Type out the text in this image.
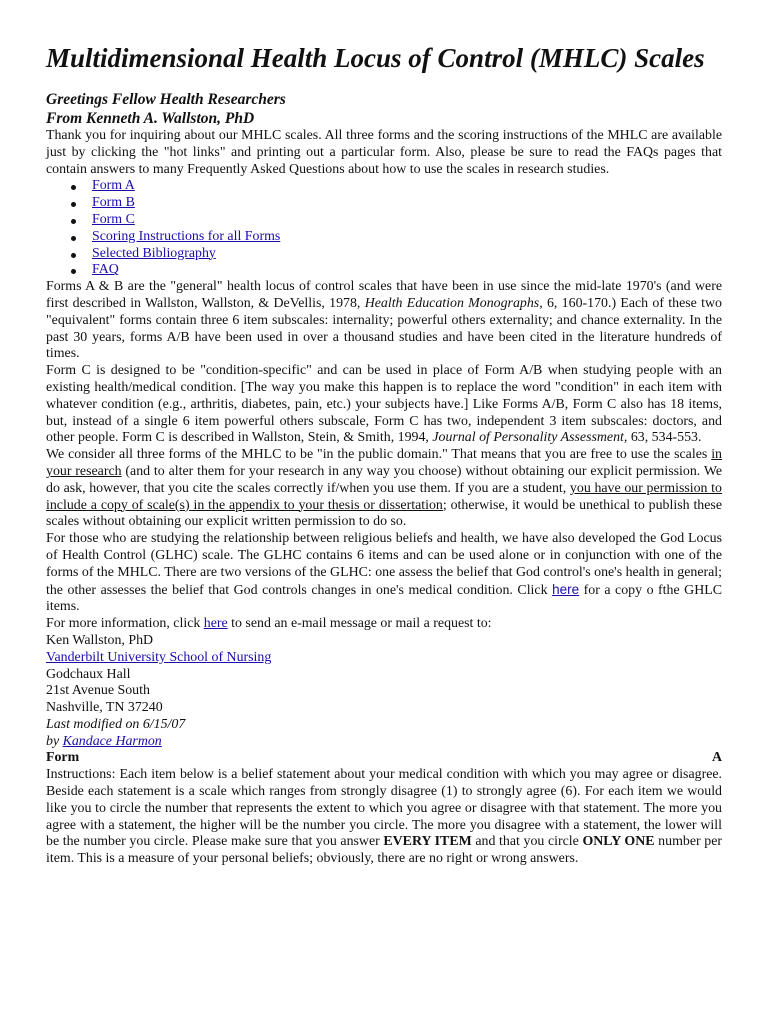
Multidimensional Health Locus of Control (MHLC) Scales
Greetings Fellow Health Researchers
From Kenneth A. Wallston, PhD

Thank you for inquiring about our MHLC scales. All three forms and the scoring instructions of the MHLC are available just by clicking the "hot links" and printing out a particular form. Also, please be sure to read the FAQs pages that contain answers to many Frequently Asked Questions about how to use the scales in research studies.

Form A
Form B
Form C
Scoring Instructions for all Forms
Selected Bibliography
FAQ

Forms A & B are the "general" health locus of control scales that have been in use since the mid-late 1970's (and were first described in Wallston, Wallston, & DeVellis, 1978, Health Education Monographs, 6, 160-170.) Each of these two "equivalent" forms contain three 6 item subscales: internality; powerful others externality; and chance externality. In the past 30 years, forms A/B have been used in over a thousand studies and have been cited in the literature hundreds of times.

Form C is designed to be "condition-specific" and can be used in place of Form A/B when studying people with an existing health/medical condition. [The way you make this happen is to replace the word "condition" in each item with whatever condition (e.g., arthritis, diabetes, pain, etc.) your subjects have.] Like Forms A/B, Form C also has 18 items, but, instead of a single 6 item powerful others subscale, Form C has two, independent 3 item subscales: doctors, and other people. Form C is described in Wallston, Stein, & Smith, 1994, Journal of Personality Assessment, 63, 534-553.

We consider all three forms of the MHLC to be "in the public domain." That means that you are free to use the scales in your research (and to alter them for your research in any way you choose) without obtaining our explicit permission. We do ask, however, that you cite the scales correctly if/when you use them. If you are a student, you have our permission to include a copy of scale(s) in the appendix to your thesis or dissertation; otherwise, it would be unethical to publish these scales without obtaining our explicit written permission to do so.

For those who are studying the relationship between religious beliefs and health, we have also developed the God Locus of Health Control (GLHC) scale. The GLHC contains 6 items and can be used alone or in conjunction with one of the forms of the MHLC. There are two versions of the GLHC: one assess the belief that God control's one's health in general; the other assesses the belief that God controls changes in one's medical condition. Click here for a copy o fthe GHLC items.

For more information, click here to send an e-mail message or mail a request to:

Ken Wallston, PhD
Vanderbilt University School of Nursing
Godchaux Hall
21st Avenue South
Nashville, TN 37240
Last modified on 6/15/07
by Kandace Harmon
Form	A

Instructions: Each item below is a belief statement about your medical condition with which you may agree or disagree. Beside each statement is a scale which ranges from strongly disagree (1) to strongly agree (6). For each item we would like you to circle the number that represents the extent to which you agree or disagree with that statement. The more you agree with a statement, the higher will be the number you circle. The more you disagree with a statement, the lower will be the number you circle. Please make sure that you answer EVERY ITEM and that you circle ONLY ONE number per item. This is a measure of your personal beliefs; obviously, there are no right or wrong answers.
